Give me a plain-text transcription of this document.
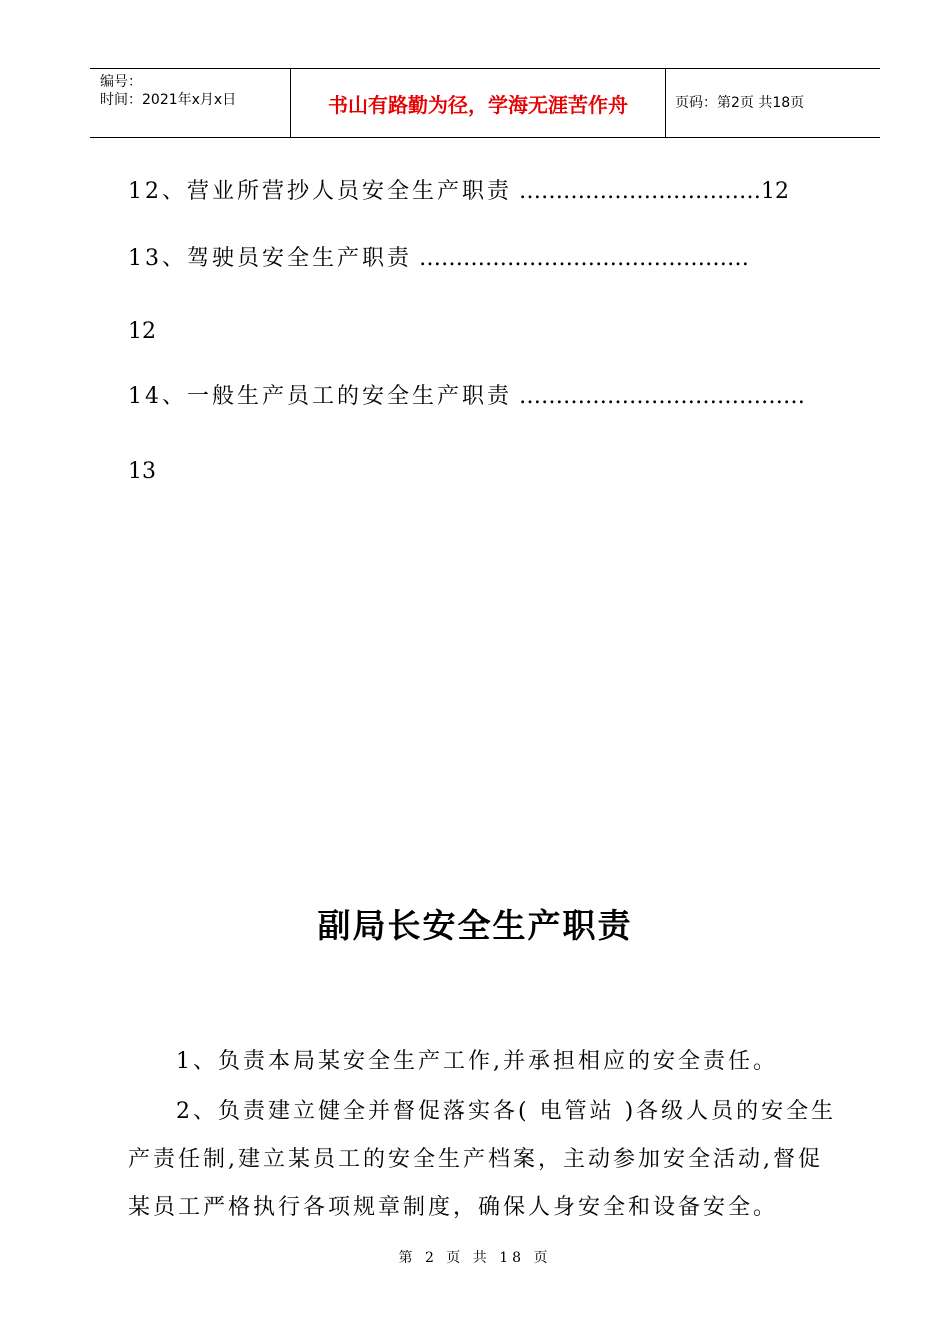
编号：
时间：2021年x月x日	书山有路勤为径，学海无涯苦作舟	页码：第2页 共18页
12、营业所营抄人员安全生产职责 ……………………………12
13、驾驶员安全生产职责 ………………………………………
12
14、一般生产员工的安全生产职责 …………………………………
13
副局长安全生产职责
1、负责本局某安全生产工作,并承担相应的安全责任。
2、负责建立健全并督促落实各( 电管站 )各级人员的安全生产责任制,建立某员工的安全生产档案，主动参加安全活动,督促某员工严格执行各项规章制度，确保人身安全和设备安全。
第 2 页 共 18 页
